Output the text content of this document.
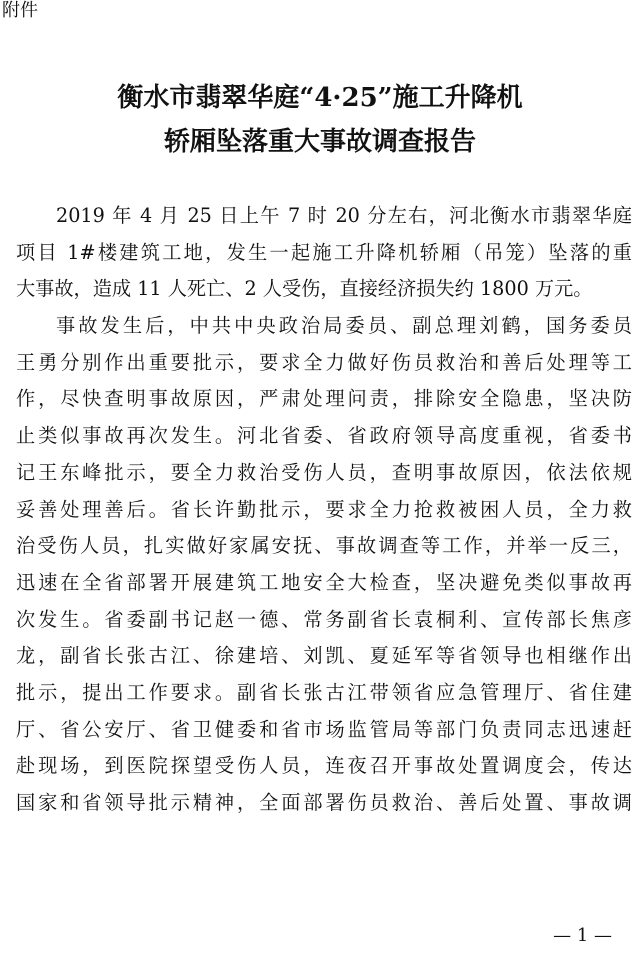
附件
衡水市翡翠华庭“4·25”施工升降机
轿厢坠落重大事故调查报告
2019 年 4 月 25 日上午 7 时 20 分左右，河北衡水市翡翠华庭
项目 1#楼建筑工地，发生一起施工升降机轿厢（吊笼）坠落的重
大事故，造成 11 人死亡、2 人受伤，直接经济损失约 1800 万元。
事故发生后，中共中央政治局委员、副总理刘鹤，国务委员
王勇分别作出重要批示，要求全力做好伤员救治和善后处理等工
作，尽快查明事故原因，严肃处理问责，排除安全隐患，坚决防
止类似事故再次发生。河北省委、省政府领导高度重视，省委书
记王东峰批示，要全力救治受伤人员，查明事故原因，依法依规
妥善处理善后。省长许勤批示，要求全力抢救被困人员，全力救
治受伤人员，扎实做好家属安抚、事故调查等工作，并举一反三，
迅速在全省部署开展建筑工地安全大检查，坚决避免类似事故再
次发生。省委副书记赵一德、常务副省长袁桐利、宣传部长焦彦
龙，副省长张古江、徐建培、刘凯、夏延军等省领导也相继作出
批示，提出工作要求。副省长张古江带领省应急管理厅、省住建
厅、省公安厅、省卫健委和省市场监管局等部门负责同志迅速赶
赴现场，到医院探望受伤人员，连夜召开事故处置调度会，传达
国家和省领导批示精神，全面部署伤员救治、善后处置、事故调
— 1 —
